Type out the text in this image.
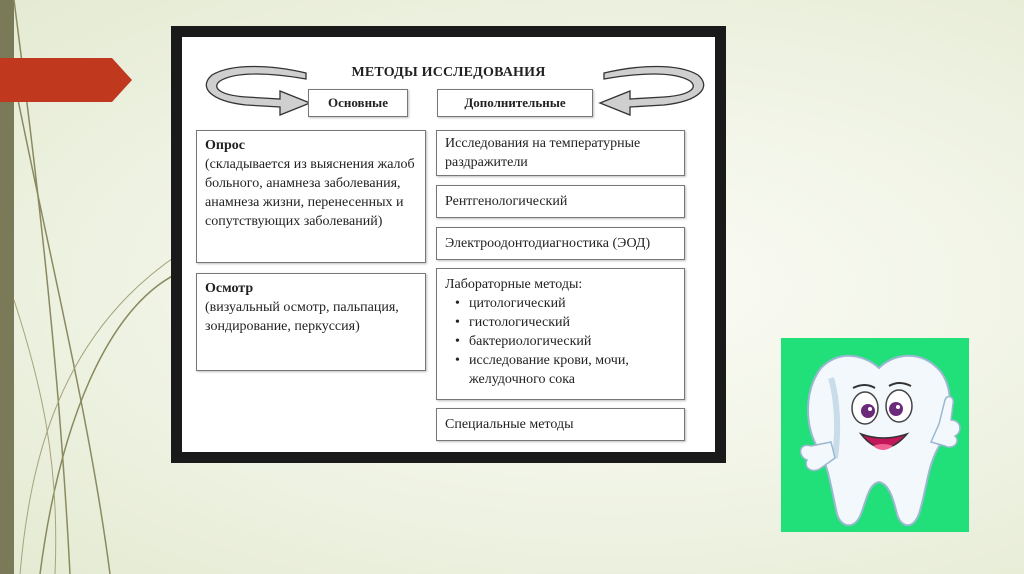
МЕТОДЫ ИССЛЕДОВАНИЯ
Основные	Дополнительные
Опрос
(складывается из выяснения жалоб больного, анамнеза заболевания, анамнеза жизни, перенесенных и сопутствующих заболеваний)
Осмотр
(визуальный осмотр, пальпация, зондирование, перкуссия)
Исследования на температурные раздражители
Рентгенологический
Электроодонтодиагностика (ЭОД)
Лабораторные методы:
• цитологический
• гистологический
• бактериологический
• исследование крови, мочи, желудочного сока
Специальные методы
